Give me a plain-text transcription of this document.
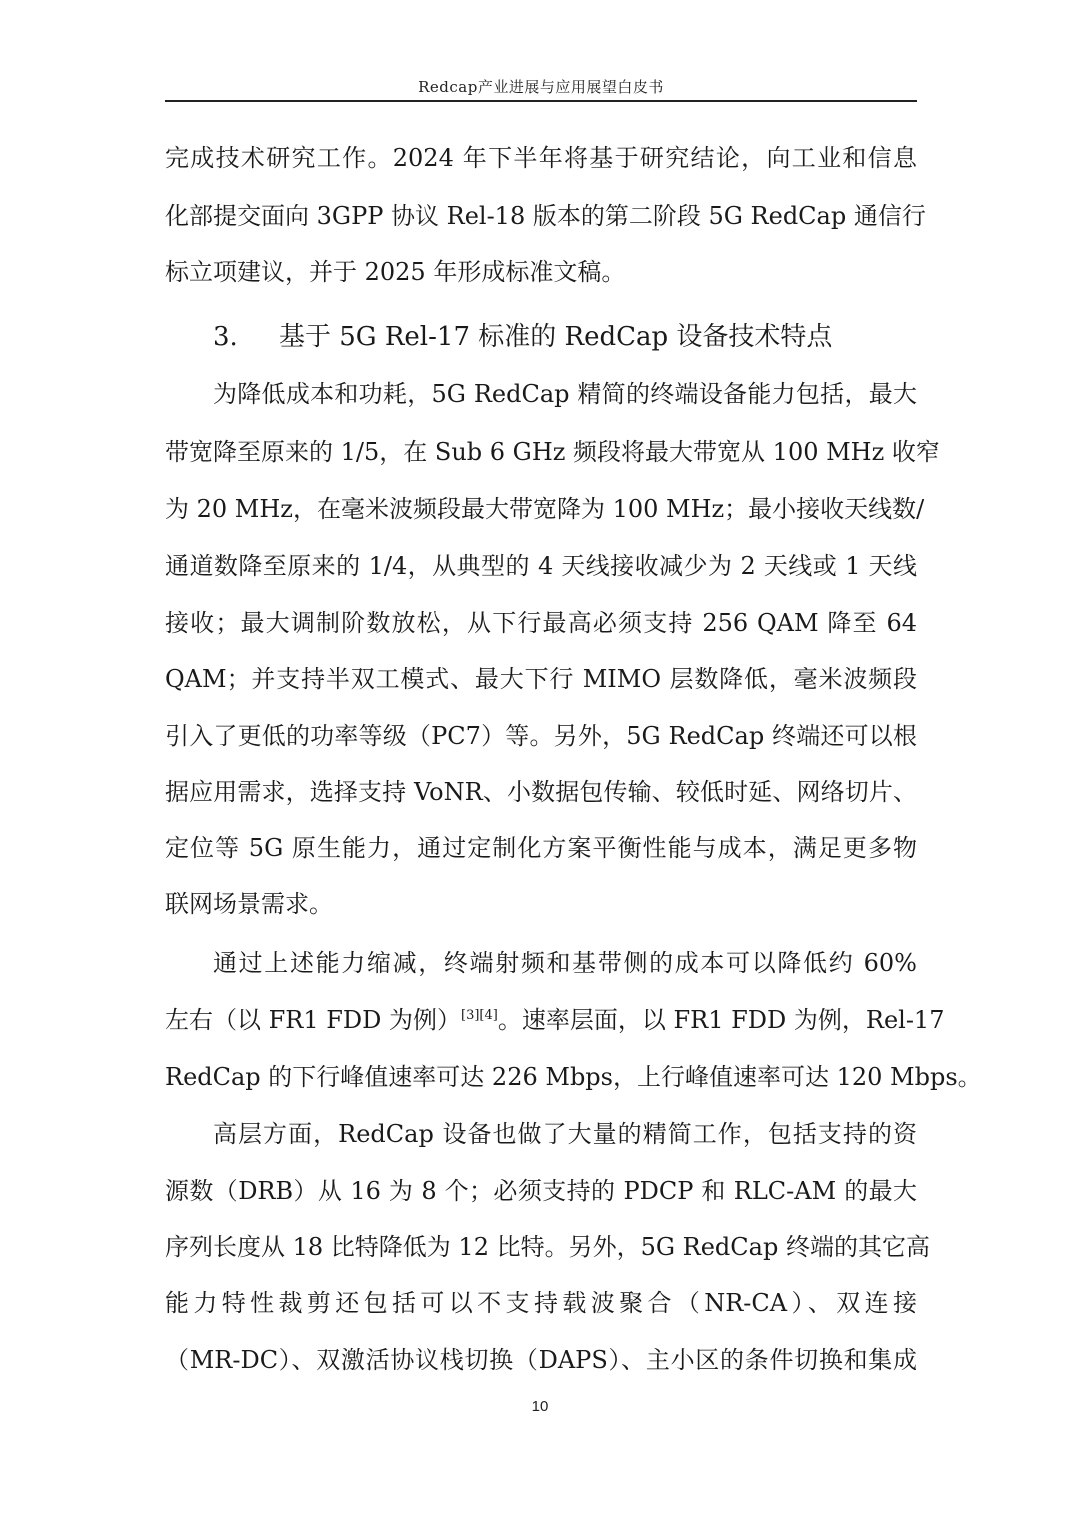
Redcap产业进展与应用展望白皮书
完成技术研究工作。2024 年下半年将基于研究结论，向工业和信息
化部提交面向 3GPP 协议 Rel-18 版本的第二阶段 5G RedCap 通信行
标立项建议，并于 2025 年形成标准文稿。
3. 基于 5G Rel-17 标准的 RedCap 设备技术特点
为降低成本和功耗，5G RedCap 精简的终端设备能力包括，最大
带宽降至原来的 1/5，在 Sub 6 GHz 频段将最大带宽从 100 MHz 收窄
为 20 MHz，在毫米波频段最大带宽降为 100 MHz；最小接收天线数/
通道数降至原来的 1/4，从典型的 4 天线接收减少为 2 天线或 1 天线
接收；最大调制阶数放松，从下行最高必须支持 256 QAM 降至 64
QAM；并支持半双工模式、最大下行 MIMO 层数降低，毫米波频段
引入了更低的功率等级（PC7）等。另外，5G RedCap 终端还可以根
据应用需求，选择支持 VoNR、小数据包传输、较低时延、网络切片、
定位等 5G 原生能力，通过定制化方案平衡性能与成本，满足更多物
联网场景需求。
通过上述能力缩减，终端射频和基带侧的成本可以降低约 60%
左右（以 FR1 FDD 为例）[3][4]。速率层面，以 FR1 FDD 为例，Rel-17
RedCap 的下行峰值速率可达 226 Mbps，上行峰值速率可达 120 Mbps。
高层方面，RedCap 设备也做了大量的精简工作，包括支持的资
源数（DRB）从 16 为 8 个；必须支持的 PDCP 和 RLC-AM 的最大
序列长度从 18 比特降低为 12 比特。另外，5G RedCap 终端的其它高
能力特性裁剪还包括可以不支持载波聚合（NR-CA）、双连接
（MR-DC）、双激活协议栈切换（DAPS）、主小区的条件切换和集成
10
